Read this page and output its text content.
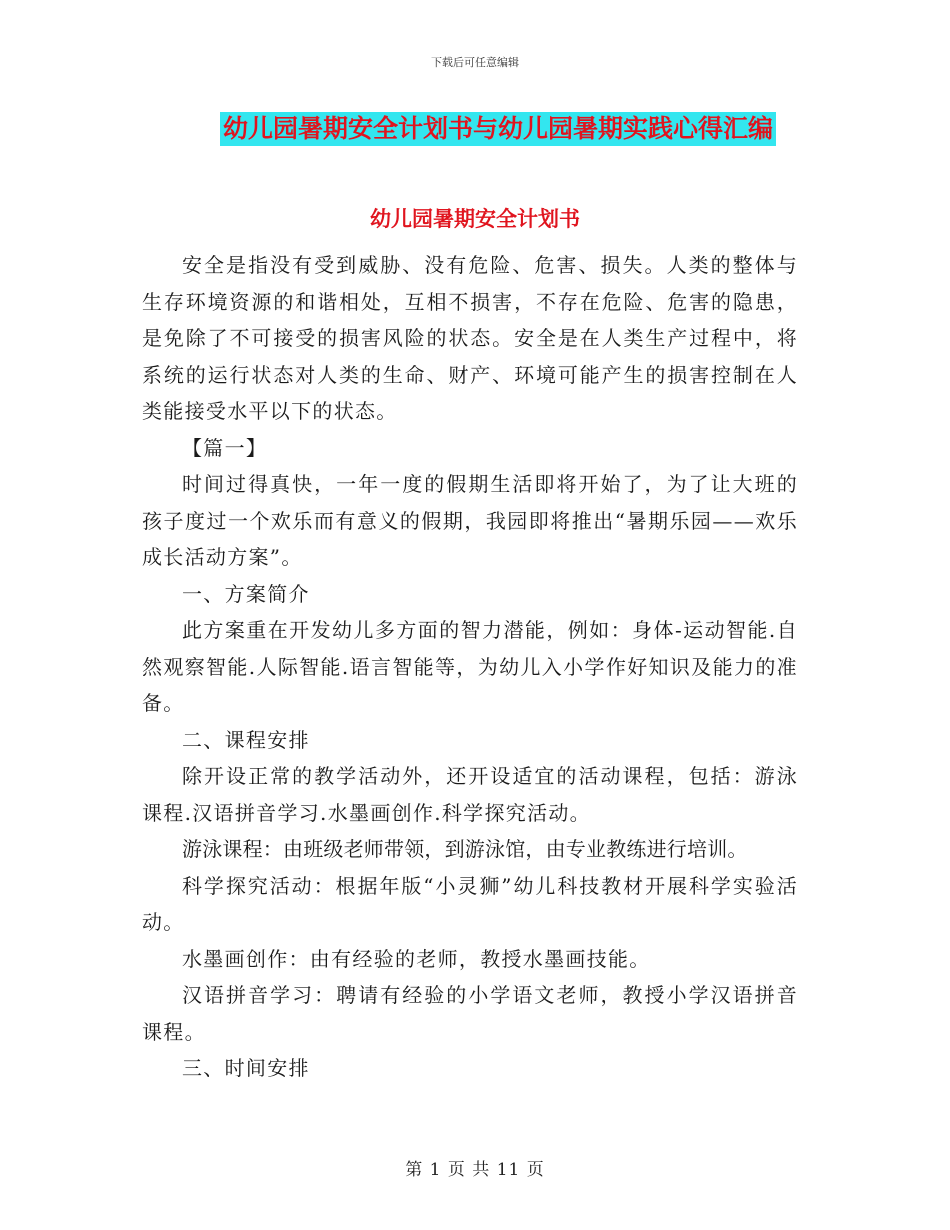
下载后可任意编辑
幼儿园暑期安全计划书与幼儿园暑期实践心得汇编
幼儿园暑期安全计划书

安全是指没有受到威胁、没有危险、危害、损失。人类的整体与生存环境资源的和谐相处，互相不损害，不存在危险、危害的隐患，是免除了不可接受的损害风险的状态。安全是在人类生产过程中，将系统的运行状态对人类的生命、财产、环境可能产生的损害控制在人类能接受水平以下的状态。

【篇一】

时间过得真快，一年一度的假期生活即将开始了，为了让大班的孩子度过一个欢乐而有意义的假期，我园即将推出“暑期乐园——欢乐成长活动方案”。

一、方案简介

此方案重在开发幼儿多方面的智力潜能，例如：身体-运动智能.自然观察智能.人际智能.语言智能等，为幼儿入小学作好知识及能力的准备。

二、课程安排

除开设正常的教学活动外，还开设适宜的活动课程，包括：游泳课程.汉语拼音学习.水墨画创作.科学探究活动。

游泳课程：由班级老师带领，到游泳馆，由专业教练进行培训。

科学探究活动：根据年版“小灵狮”幼儿科技教材开展科学实验活动。

水墨画创作：由有经验的老师，教授水墨画技能。

汉语拼音学习：聘请有经验的小学语文老师，教授小学汉语拼音课程。

三、时间安排

第 1 页 共 11 页
